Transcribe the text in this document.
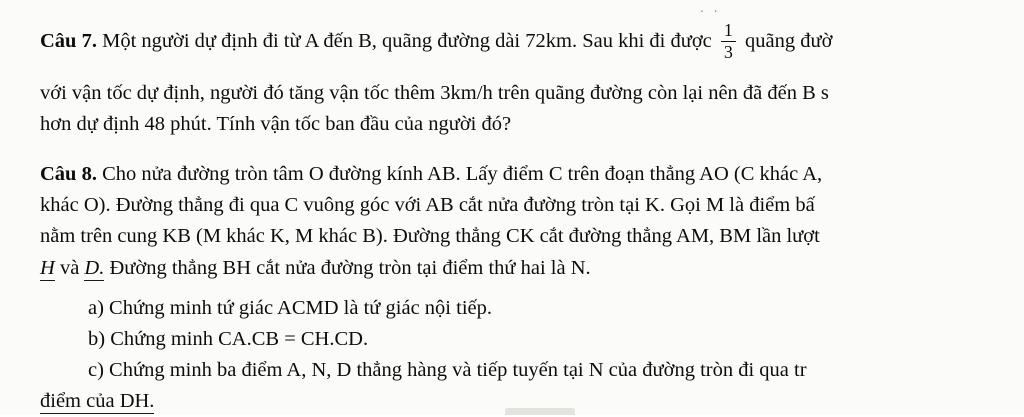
..
Câu 7. Một người dự định đi từ A đến B, quãng đường dài 72km. Sau khi đi được $\frac{1}{3}$ quãng đườ
với vận tốc dự định, người đó tăng vận tốc thêm 3km/h trên quãng đường còn lại nên đã đến B s
hơn dự định 48 phút. Tính vận tốc ban đầu của người đó?
Câu 8. Cho nửa đường tròn tâm O đường kính AB. Lấy điểm C trên đoạn thẳng AO (C khác A,
khác O). Đường thẳng đi qua C vuông góc với AB cắt nửa đường tròn tại K. Gọi M là điểm bấ
nằm trên cung KB (M khác K, M khác B). Đường thẳng CK cắt đường thẳng AM, BM lần lượt
H và D. Đường thẳng BH cắt nửa đường tròn tại điểm thứ hai là N.
a) Chứng minh tứ giác ACMD là tứ giác nội tiếp.
b) Chứng minh CA.CB = CH.CD.
c) Chứng minh ba điểm A, N, D thẳng hàng và tiếp tuyến tại N của đường tròn đi qua tr
điểm của DH.
